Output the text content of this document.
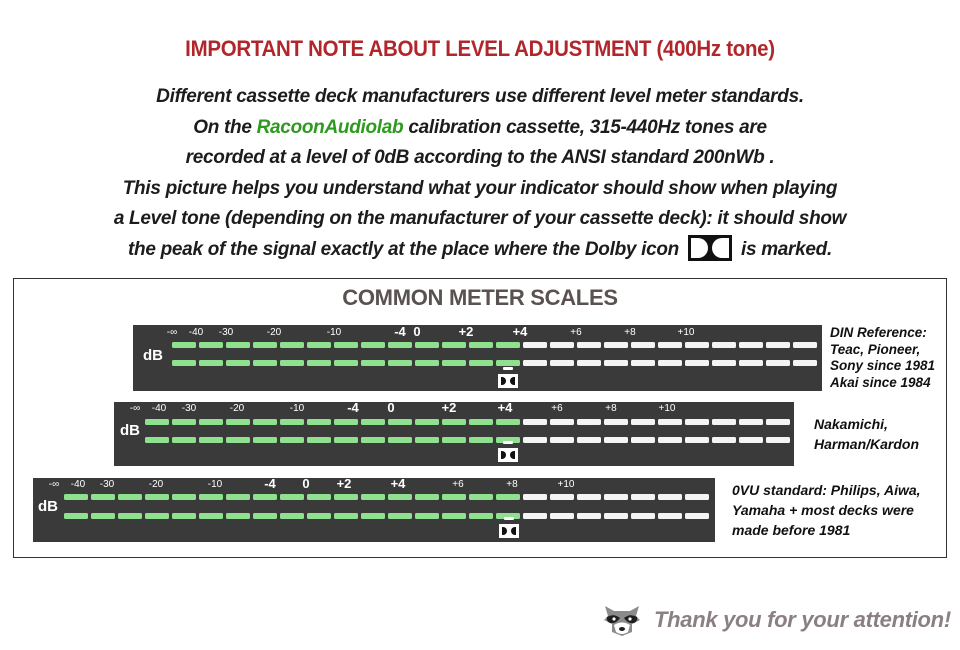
IMPORTANT NOTE ABOUT LEVEL ADJUSTMENT (400Hz tone)
Different cassette deck manufacturers use different level meter standards.
On the RacoonAudiolab calibration cassette, 315-440Hz tones are
recorded at a level of 0dB according to the ANSI standard 200nWb .
This picture helps you understand what your indicator should show when playing
a Level tone (depending on the manufacturer of your cassette deck): it should show
the peak of the signal exactly at the place where the Dolby icon	is marked.
COMMON METER SCALES
dB
-∞ -40 -30	-20	-10	-4 0	+2	+4	+6	+8	+10	DIN Reference:
Teac, Pioneer,
Sony since 1981
Akai since 1984
dB
-∞ -40 -30	-20	-10	-4 0	+2	+4	+6	+8	+10
Nakamichi,
Harman/Kardon
dB
-∞ -40 -30	-20	-10	-4 0 +2	+4	+6	+8	+10	0VU standard: Philips, Aiwa,
Yamaha + most decks were
made before 1981
Thank you for your attention!
